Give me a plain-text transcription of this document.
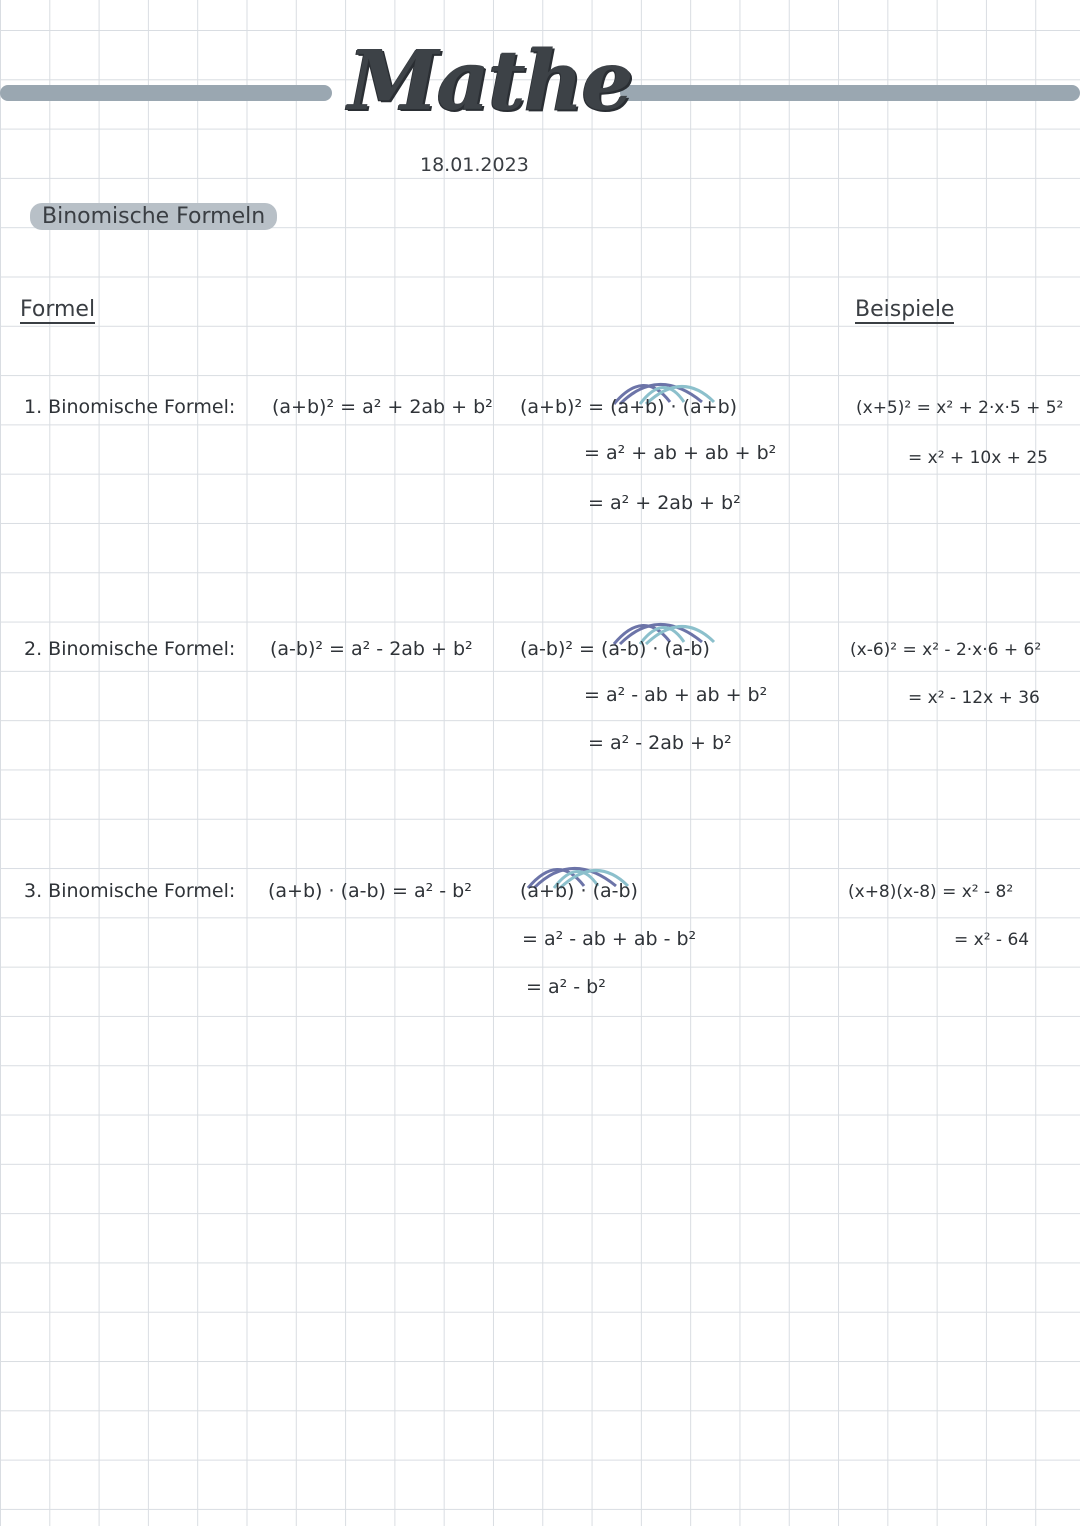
Mathe
18.01.2023
Binomische Formeln
Formel	Beispiele
1. Binomische Formel: (a+b)² = a² + 2ab + b² (a+b)² = (a+b) · (a+b)
= a² + ab + ab + b²
= a² + 2ab + b²
(x+5)² = x² + 2·x·5 + 5²
= x² + 10x + 25
2. Binomische Formel: (a-b)² = a² - 2ab + b² (a-b)² = (a-b) · (a-b)
= a² - ab + ab + b²
= a² - 2ab + b²
(x-6)² = x² - 2·x·6 + 6²
= x² - 12x + 36
3. Binomische Formel: (a+b) · (a-b) = a² - b²	(a+b) · (a-b)
= a² - ab + ab - b²
= a² - b²
(x+8)(x-8) = x² - 8²
= x² - 64
